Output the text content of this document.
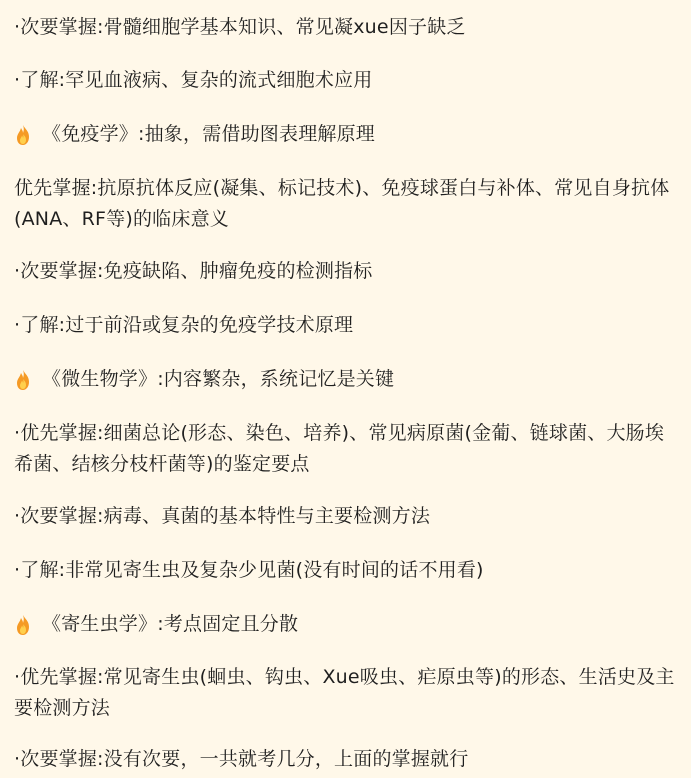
·次要掌握:骨髓细胞学基本知识、常见凝xue因子缺乏
·了解:罕见血液病、复杂的流式细胞术应用
《免疫学》:抽象，需借助图表理解原理
优先掌握:抗原抗体反应(凝集、标记技术)、免疫球蛋白与补体、常见自身抗体(ANA、RF等)的临床意义
·次要掌握:免疫缺陷、肿瘤免疫的检测指标
·了解:过于前沿或复杂的免疫学技术原理
《微生物学》:内容繁杂，系统记忆是关键
·优先掌握:细菌总论(形态、染色、培养)、常见病原菌(金葡、链球菌、大肠埃希菌、结核分枝杆菌等)的鉴定要点
·次要掌握:病毒、真菌的基本特性与主要检测方法
·了解:非常见寄生虫及复杂少见菌(没有时间的话不用看)
《寄生虫学》:考点固定且分散
·优先掌握:常见寄生虫(蛔虫、钩虫、Xue吸虫、疟原虫等)的形态、生活史及主要检测方法
·次要掌握:没有次要，一共就考几分，上面的掌握就行
